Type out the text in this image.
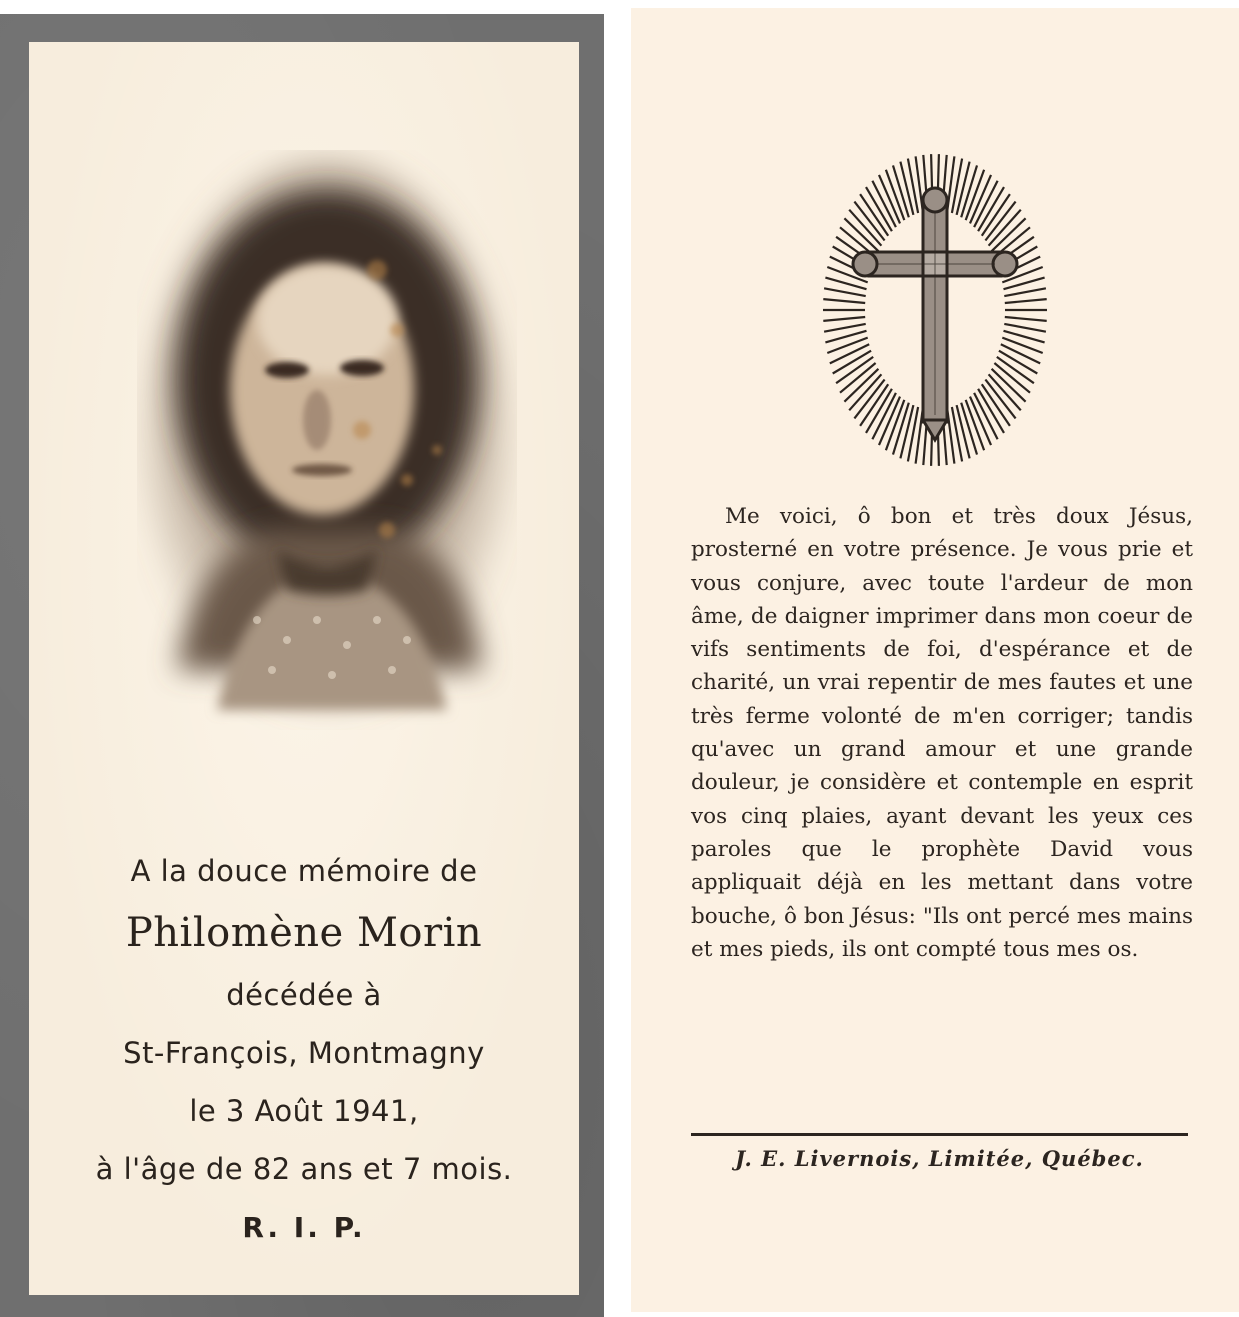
A la douce mémoire de
Philomène Morin
décédée à
St-François, Montmagny
le 3 Août 1941,
à l'âge de 82 ans et 7 mois.
R. I. P.
Me voici, ô bon et très doux Jésus, prosterné en votre présence. Je vous prie et vous conjure, avec toute l'ardeur de mon âme, de daigner imprimer dans mon coeur de vifs sentiments de foi, d'espérance et de charité, un vrai repentir de mes fautes et une très ferme volonté de m'en corriger; tandis qu'avec un grand amour et une grande douleur, je considère et contemple en esprit vos cinq plaies, ayant devant les yeux ces paroles que le prophète David vous appliquait déjà en les mettant dans votre bouche, ô bon Jésus: "Ils ont percé mes mains et mes pieds, ils ont compté tous mes os.
J. E. Livernois, Limitée, Québec.
